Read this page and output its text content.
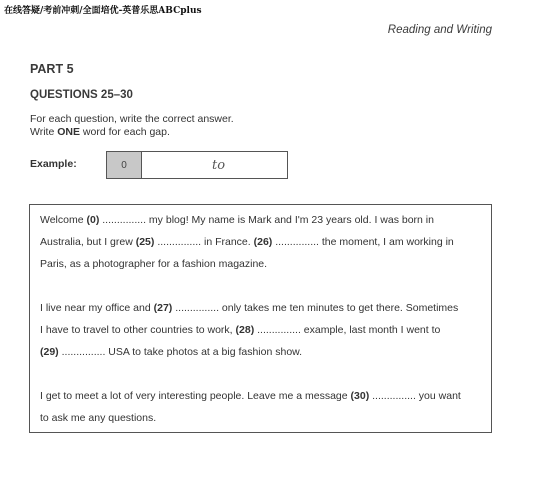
在线答疑/考前冲刺/全面培优-英普乐思ABCplus
Reading and Writing
PART 5
QUESTIONS 25–30
For each question, write the correct answer.
Write ONE word for each gap.
Example:	0	to
Welcome (0) ............... my blog! My name is Mark and I'm 23 years old. I was born in
Australia, but I grew (25) ............... in France. (26) ............... the moment, I am working in
Paris, as a photographer for a fashion magazine.
I live near my office and (27) ............... only takes me ten minutes to get there. Sometimes
I have to travel to other countries to work, (28) ............... example, last month I went to
(29) ............... USA to take photos at a big fashion show.
I get to meet a lot of very interesting people. Leave me a message (30) ............... you want
to ask me any questions.
